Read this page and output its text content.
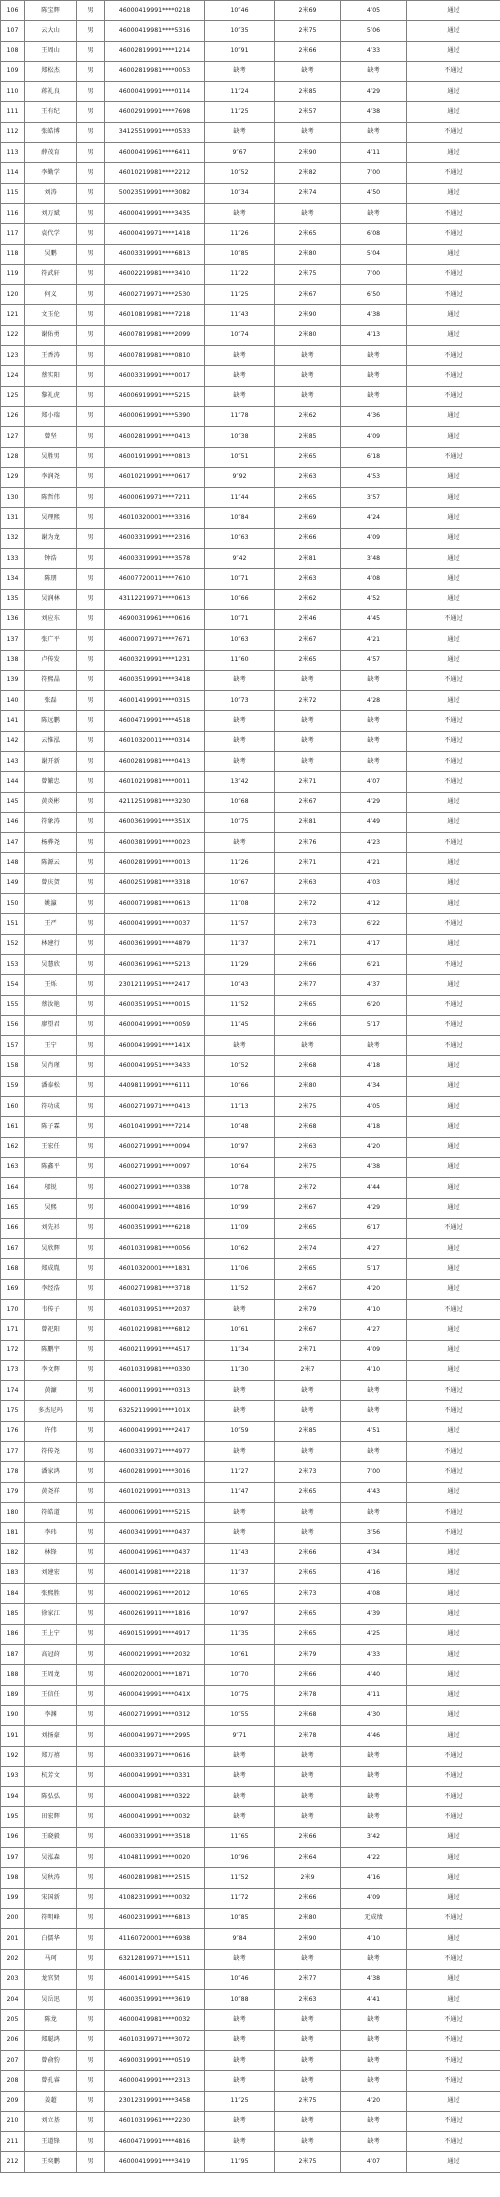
106	陈宝辉	男	46000419991****0218	10″46	2米69	4′05	通过
107	云大山	男	46000419981****5316	10″35	2米75	5′06	通过
108	王周山	男	46002819991****1214	10″91	2米66	4′33	通过
109	郑松杰	男	46002819981****0053	缺考	缺考	缺考	不通过
110	蒋礼良	男	46000419991****0114	11″24	2米85	4′29	通过
111	王有纪	男	46002919991****7698	11″25	2米57	4′38	通过
112	张皓博	男	34125519991****0533	缺考	缺考	缺考	不通过
113	薛茂育	男	46000419961****6411	9″67	2米90	4′11	通过
114	李勤学	男	46010219981****2212	10″52	2米82	7′00	不通过
115	刘涛	男	50023519991****3082	10″34	2米74	4′50	通过
116	刘万斌	男	46000419991****3435	缺考	缺考	缺考	不通过
117	袁代学	男	46000419971****1418	11″26	2米65	6′08	不通过
118	吴鹏	男	46003319991****6813	10″85	2米80	5′04	通过
119	符武轩	男	46002219981****3410	11″22	2米75	7′00	不通过
120	何义	男	46002719971****2530	11″25	2米67	6′50	不通过
121	文玉伦	男	46010819981****7218	11″43	2米90	4′38	通过
122	谢佑勇	男	46007819981****2099	10″74	2米80	4′13	通过
123	王香涛	男	46007819981****0810	缺考	缺考	缺考	不通过
124	蔡实阳	男	46003319991****0017	缺考	缺考	缺考	不通过
125	黎礼虎	男	46006919991****5215	缺考	缺考	缺考	不通过
126	郑小瑞	男	46000619991****5390	11″78	2米62	4′36	通过
127	曾坚	男	46002819991****0413	10″38	2米85	4′09	通过
128	吴胜男	男	46001919991****0813	10″51	2米65	6′18	不通过
129	李润尧	男	46010219991****0617	9″92	2米63	4′53	通过
130	陈哲伟	男	46000619971****7211	11″44	2米65	3′57	通过
131	吴理熙	男	46010320001****3316	10″84	2米69	4′24	通过
132	谢为龙	男	46003319991****2316	10″63	2米66	4′09	通过
133	钟浩	男	46003319991****3578	9″42	2米81	3′48	通过
134	陈朋	男	46007720011****7610	10″71	2米63	4′08	通过
135	吴润林	男	43112219971****0613	10″66	2米62	4′52	通过
136	刘应东	男	46900319961****0616	10″71	2米46	4′45	不通过
137	张广平	男	46000719971****7671	10″63	2米67	4′21	通过
138	卢传发	男	46003219991****1231	11″60	2米65	4′57	通过
139	符熙晶	男	46003519991****3418	缺考	缺考	缺考	不通过
140	张磊	男	46001419991****0315	10″73	2米72	4′28	通过
141	陈远鹏	男	46004719991****4518	缺考	缺考	缺考	不通过
142	云惟泓	男	46010320011****0314	缺考	缺考	缺考	不通过
143	谢开新	男	46002819981****0413	缺考	缺考	缺考	不通过
144	曾繁忠	男	46010219981****0011	13″42	2米71	4′07	不通过
145	黄炎彬	男	42112519981****3230	10″68	2米67	4′29	通过
146	符象涛	男	46003619991****351X	10″75	2米81	4′49	通过
147	杨骅尧	男	46003819991****0023	缺考	2米76	4′23	不通过
148	陈源云	男	46002819991****0013	11″26	2米71	4′21	通过
149	曾庆贺	男	46002519981****3318	10″67	2米63	4′03	通过
150	姚瀛	男	46000719981****0613	11″08	2米72	4′12	通过
151	王严	男	46000419991****0037	11″57	2米73	6′22	不通过
152	林建行	男	46003619991****4879	11″37	2米71	4′17	通过
153	吴慧欣	男	46003619961****5213	11″29	2米66	6′21	不通过
154	王烁	男	23012119951****2417	10″43	2米77	4′37	通过
155	蔡汝艳	男	46003519951****0015	11″52	2米65	6′20	不通过
156	廖望君	男	46000419991****0059	11″45	2米66	5′17	不通过
157	王宁	男	46000419991****141X	缺考	缺考	缺考	不通过
158	吴肖瑾	男	46000419951****3433	10″52	2米68	4′18	通过
159	潘泰松	男	44098119991****6111	10″66	2米80	4′34	通过
160	符功成	男	46002719971****0413	11″13	2米75	4′05	通过
161	陈子霖	男	46010419991****7214	10″48	2米68	4′18	通过
162	王宏任	男	46002719991****0094	10″97	2米63	4′20	通过
163	陈鑫平	男	46002719991****0097	10″64	2米75	4′38	通过
164	邬锐	男	46002719991****0338	10″78	2米72	4′44	通过
165	吴熙	男	46000419991****4816	10″99	2米67	4′29	通过
166	刘先衫	男	46003519991****6218	11″09	2米65	6′17	不通过
167	吴欣辉	男	46010319981****0056	10″62	2米74	4′27	通过
168	郑成胤	男	46010320001****1831	11″06	2米65	5′17	通过
169	李经浩	男	46002719981****3718	11″52	2米67	4′20	通过
170	韦传子	男	46010319951****2037	缺考	2米79	4′10	不通过
171	曾祀阳	男	46010219981****6812	10″61	2米67	4′27	通过
172	陈鹏宇	男	46002119991****4517	11″34	2米71	4′09	通过
173	李文辉	男	46010319981****0330	11″30	2米7	4′10	通过
174	黄濂	男	46000119991****0313	缺考	缺考	缺考	不通过
175	多杰尼玛	男	63252119991****101X	缺考	缺考	缺考	不通过
176	许伟	男	46000419991****2417	10″59	2米85	4′51	通过
177	符传尧	男	46003319971****4977	缺考	缺考	缺考	不通过
178	潘家鸿	男	46002819991****3016	11″27	2米73	7′00	不通过
179	黄尧祥	男	46010219991****0313	11″47	2米65	4′43	通过
180	符皓道	男	46000619991****5215	缺考	缺考	缺考	不通过
181	李玮	男	46003419991****0437	缺考	缺考	3′56	不通过
182	林锋	男	46000419961****0437	11″43	2米66	4′34	通过
183	刘建宏	男	46001419981****2218	11″37	2米65	4′16	通过
184	张熙胜	男	46000219961****2012	10″65	2米73	4′08	通过
185	徐家江	男	46002619911****1816	10″97	2米65	4′39	通过
186	王上宁	男	46901519991****4917	11″35	2米65	4′25	通过
187	高冠莳	男	46000219991****2032	10″61	2米79	4′33	通过
188	王周龙	男	46002020001****1871	10″70	2米66	4′40	通过
189	王信任	男	46000419991****041X	10″75	2米78	4′11	通过
190	李渊	男	46002719991****0312	10″55	2米68	4′30	通过
191	刘扬豪	男	46000419971****2995	9″71	2米78	4′46	通过
192	郑万禧	男	46003319971****0616	缺考	缺考	缺考	不通过
193	杭芳文	男	46000419991****0331	缺考	缺考	缺考	不通过
194	陈弘弘	男	46000419981****0322	缺考	缺考	缺考	不通过
195	田宏辉	男	46000419991****0032	缺考	缺考	缺考	不通过
196	王晓毅	男	46003319991****3518	11″65	2米66	3′42	通过
197	吴泓森	男	41048119991****0020	10″96	2米64	4′22	通过
198	吴秋涛	男	46002819981****2515	11″52	2米9	4′16	通过
199	宋国新	男	41082319991****0032	11″72	2米66	4′09	通过
200	符明峰	男	46002319991****6813	10″85	2米80	无成绩	不通过
201	白儒华	男	41160720001****6938	9″84	2米90	4′10	通过
202	马珂	男	63212819971****1511	缺考	缺考	缺考	不通过
203	龙官贤	男	46001419991****5415	10″46	2米77	4′38	通过
204	吴岳迅	男	46003519991****3619	10″88	2米63	4′41	通过
205	陈龙	男	46000419981****0032	缺考	缺考	缺考	不通过
206	郑聪鸿	男	46010319971****3072	缺考	缺考	缺考	不通过
207	曾俞豹	男	46900319991****0519	缺考	缺考	缺考	不通过
208	曾孔睿	男	46000419991****2313	缺考	缺考	缺考	不通过
209	姜超	男	23012319991****3458	11″25	2米75	4′20	通过
210	刘立基	男	46010319961****2230	缺考	缺考	缺考	不通过
211	王道锋	男	46004719991****4816	缺考	缺考	缺考	不通过
212	王奕鹏	男	46000419991****3419	11″95	2米75	4′07	通过
